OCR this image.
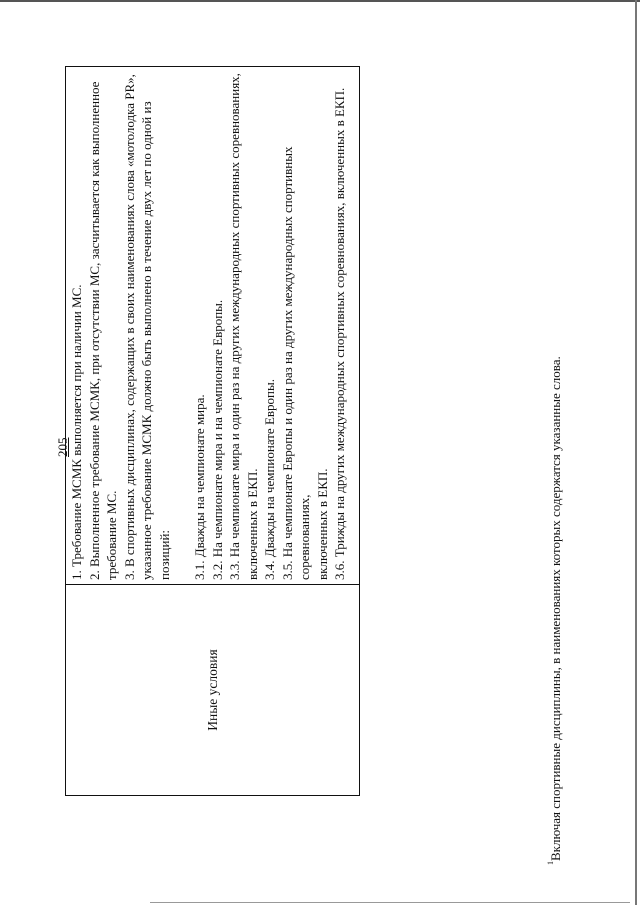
205
Иные условия

1. Требование МСМК выполняется при наличии МС. 2. Выполненное требование МСМК, при отсутствии МС, засчитывается как выполненное требование МС. 3. В спортивных дисциплинах, содержащих в своих наименованиях слова «мотолодка PR», указанное требование МСМК должно быть выполнено в течение двух лет по одной из позиций: 3.1. Дважды на чемпионате мира. 3.2. На чемпионате мира и на чемпионате Европы. 3.3. На чемпионате мира и один раз на других международных спортивных соревнованиях, включенных в ЕКП. 3.4. Дважды на чемпионате Европы. 3.5. На чемпионате Европы и один раз на других международных спортивных соревнованиях, включенных в ЕКП. 3.6. Трижды на других международных спортивных соревнованиях, включенных в ЕКП.

$^1$Включая спортивные дисциплины, в наименованиях которых содержатся указанные слова.
